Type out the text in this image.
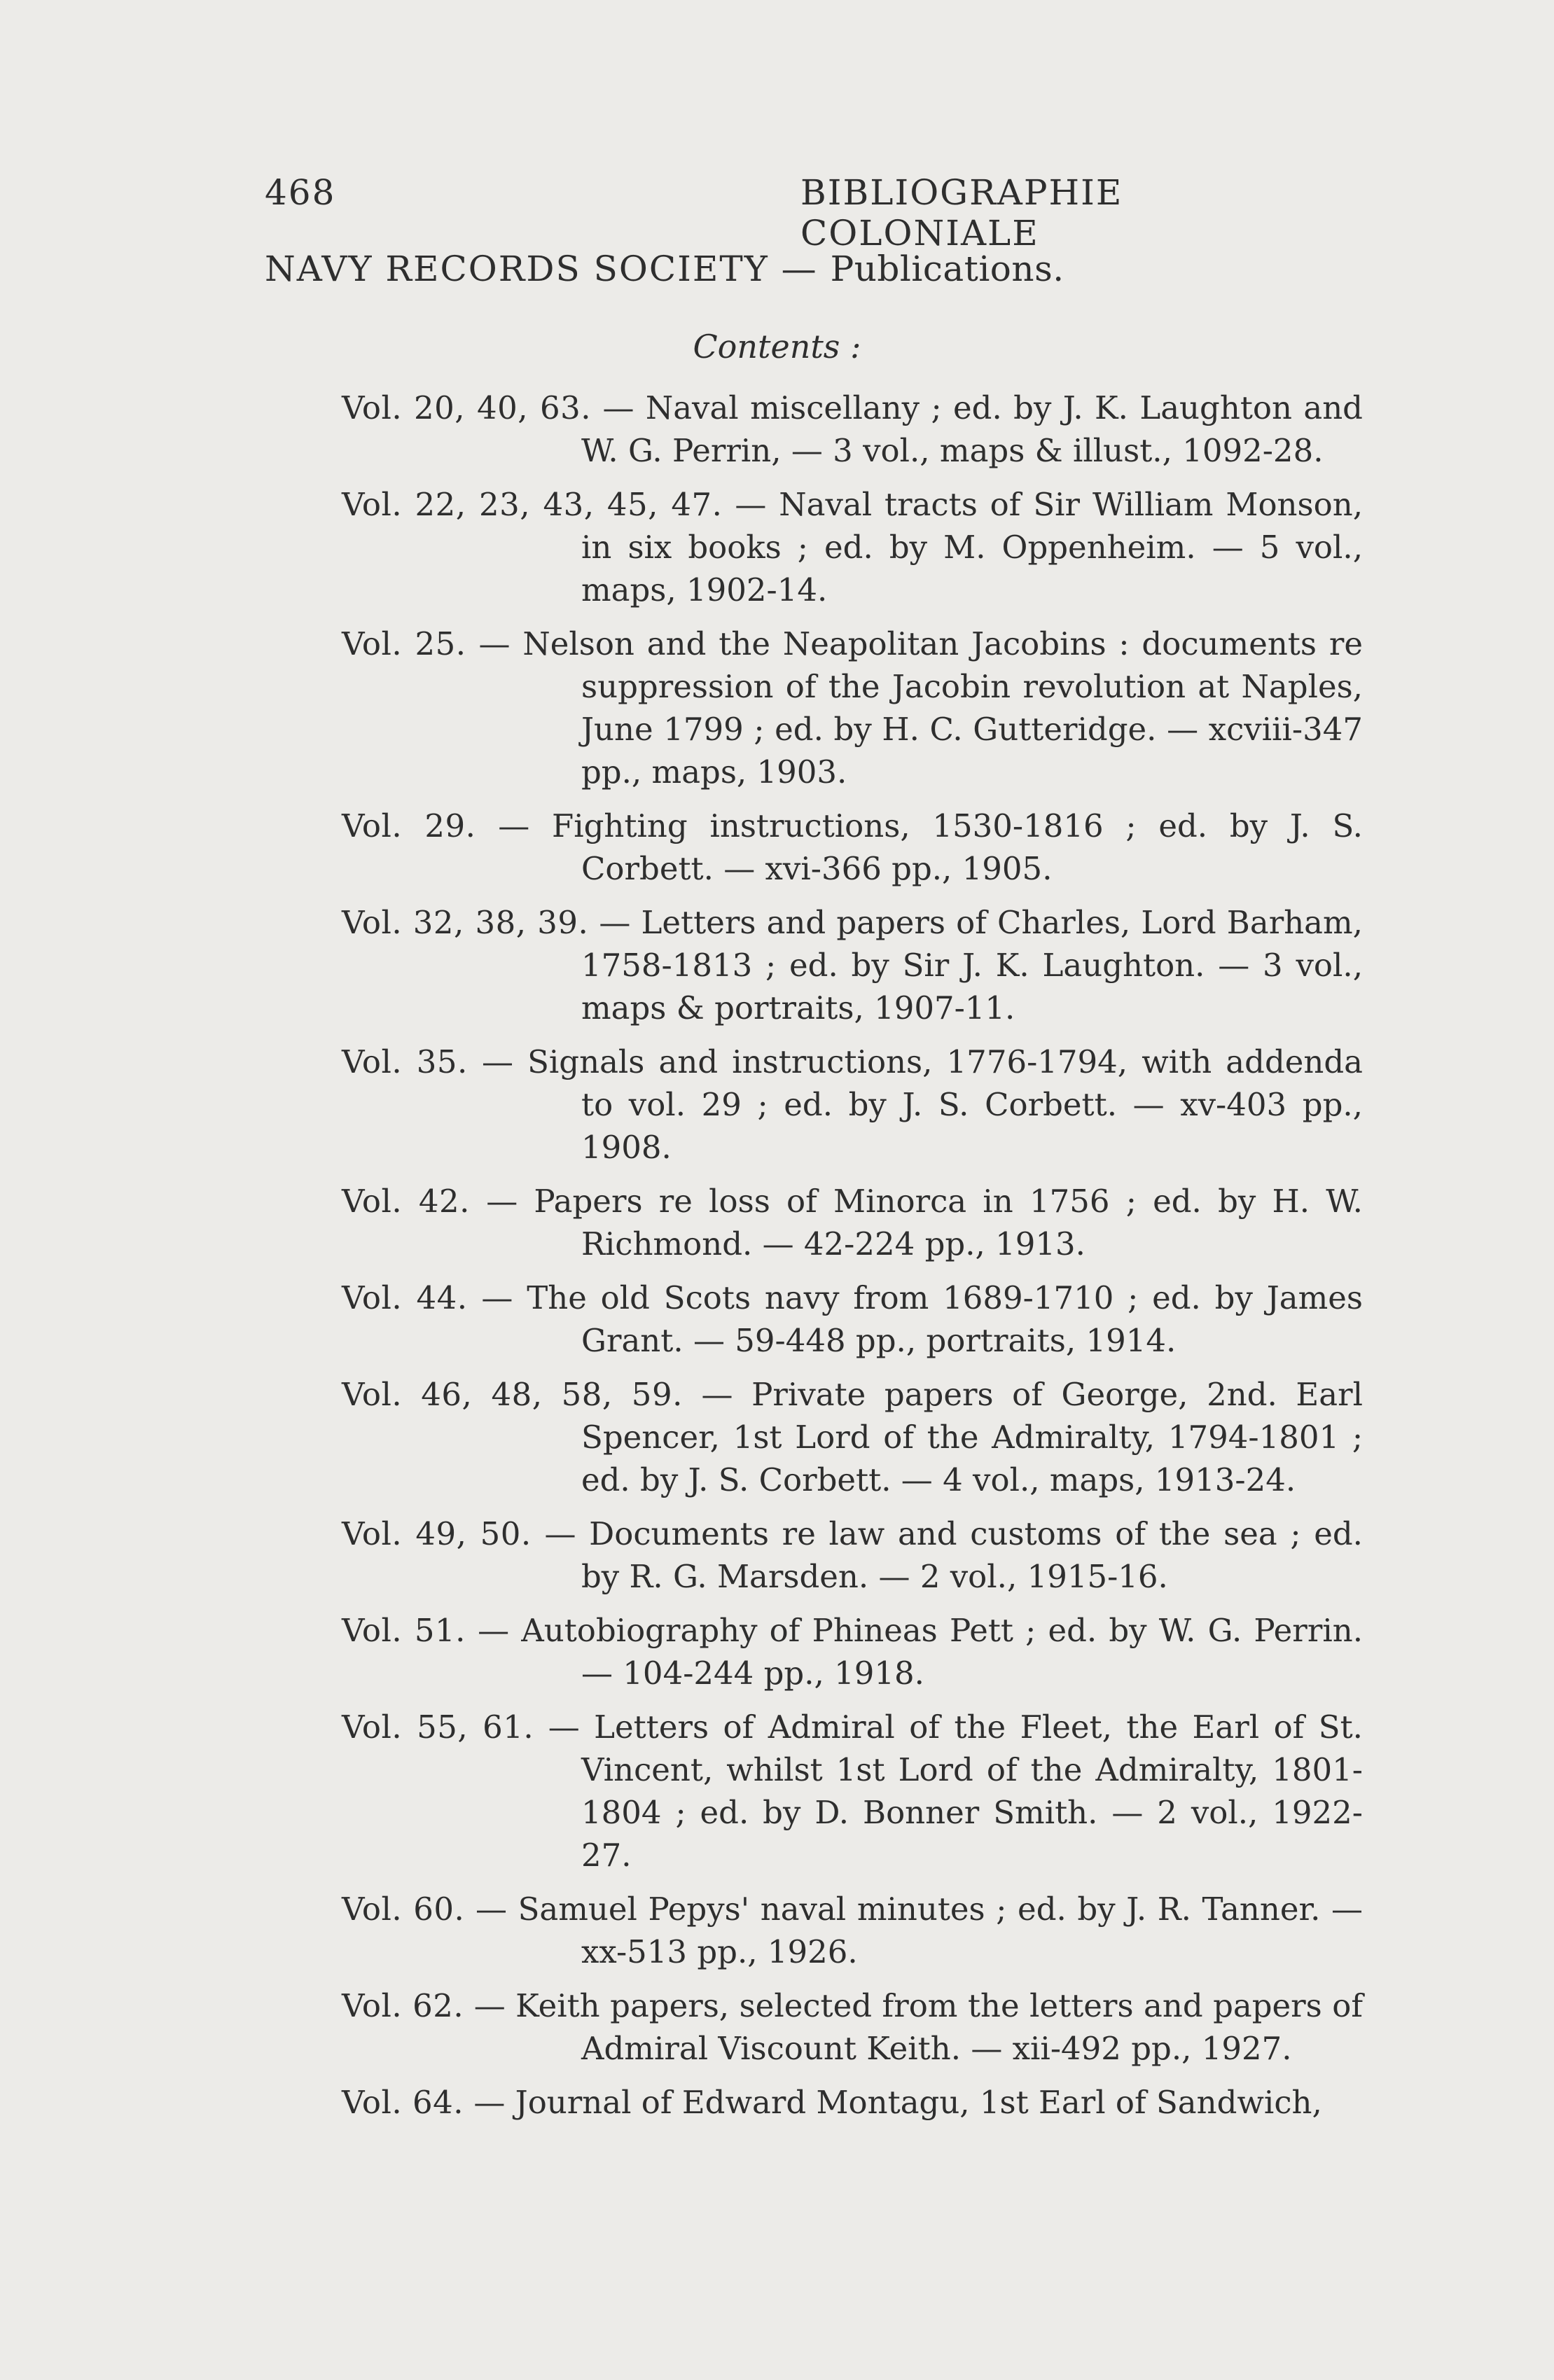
468	BIBLIOGRAPHIE COLONIALE
NAVY RECORDS SOCIETY — Publications.
Contents :
Vol. 20, 40, 63. — Naval miscellany ; ed. by J. K. Laughton and W. G. Perrin, — 3 vol., maps & illust., 1092-28.
Vol. 22, 23, 43, 45, 47. — Naval tracts of Sir William Monson, in six books ; ed. by M. Oppenheim. — 5 vol., maps, 1902-14.
Vol. 25. — Nelson and the Neapolitan Jacobins : documents re suppression of the Jacobin revolution at Naples, June 1799 ; ed. by H. C. Gutteridge. — xcviii-347 pp., maps, 1903.
Vol. 29. — Fighting instructions, 1530-1816 ; ed. by J. S. Corbett. — xvi-366 pp., 1905.
Vol. 32, 38, 39. — Letters and papers of Charles, Lord Barham, 1758-1813 ; ed. by Sir J. K. Laughton. — 3 vol., maps & portraits, 1907-11.
Vol. 35. — Signals and instructions, 1776-1794, with addenda to vol. 29 ; ed. by J. S. Corbett. — xv-403 pp., 1908.
Vol. 42. — Papers re loss of Minorca in 1756 ; ed. by H. W. Richmond. — 42-224 pp., 1913.
Vol. 44. — The old Scots navy from 1689-1710 ; ed. by James Grant. — 59-448 pp., portraits, 1914.
Vol. 46, 48, 58, 59. — Private papers of George, 2nd. Earl Spencer, 1st Lord of the Admiralty, 1794-1801 ; ed. by J. S. Corbett. — 4 vol., maps, 1913-24.
Vol. 49, 50. — Documents re law and customs of the sea ; ed. by R. G. Marsden. — 2 vol., 1915-16.
Vol. 51. — Autobiography of Phineas Pett ; ed. by W. G. Perrin. — 104-244 pp., 1918.
Vol. 55, 61. — Letters of Admiral of the Fleet, the Earl of St. Vincent, whilst 1st Lord of the Admiralty, 1801-1804 ; ed. by D. Bonner Smith. — 2 vol., 1922-27.
Vol. 60. — Samuel Pepys' naval minutes ; ed. by J. R. Tanner. — xx-513 pp., 1926.
Vol. 62. — Keith papers, selected from the letters and papers of Admiral Viscount Keith. — xii-492 pp., 1927.
Vol. 64. — Journal of Edward Montagu, 1st Earl of Sandwich,
